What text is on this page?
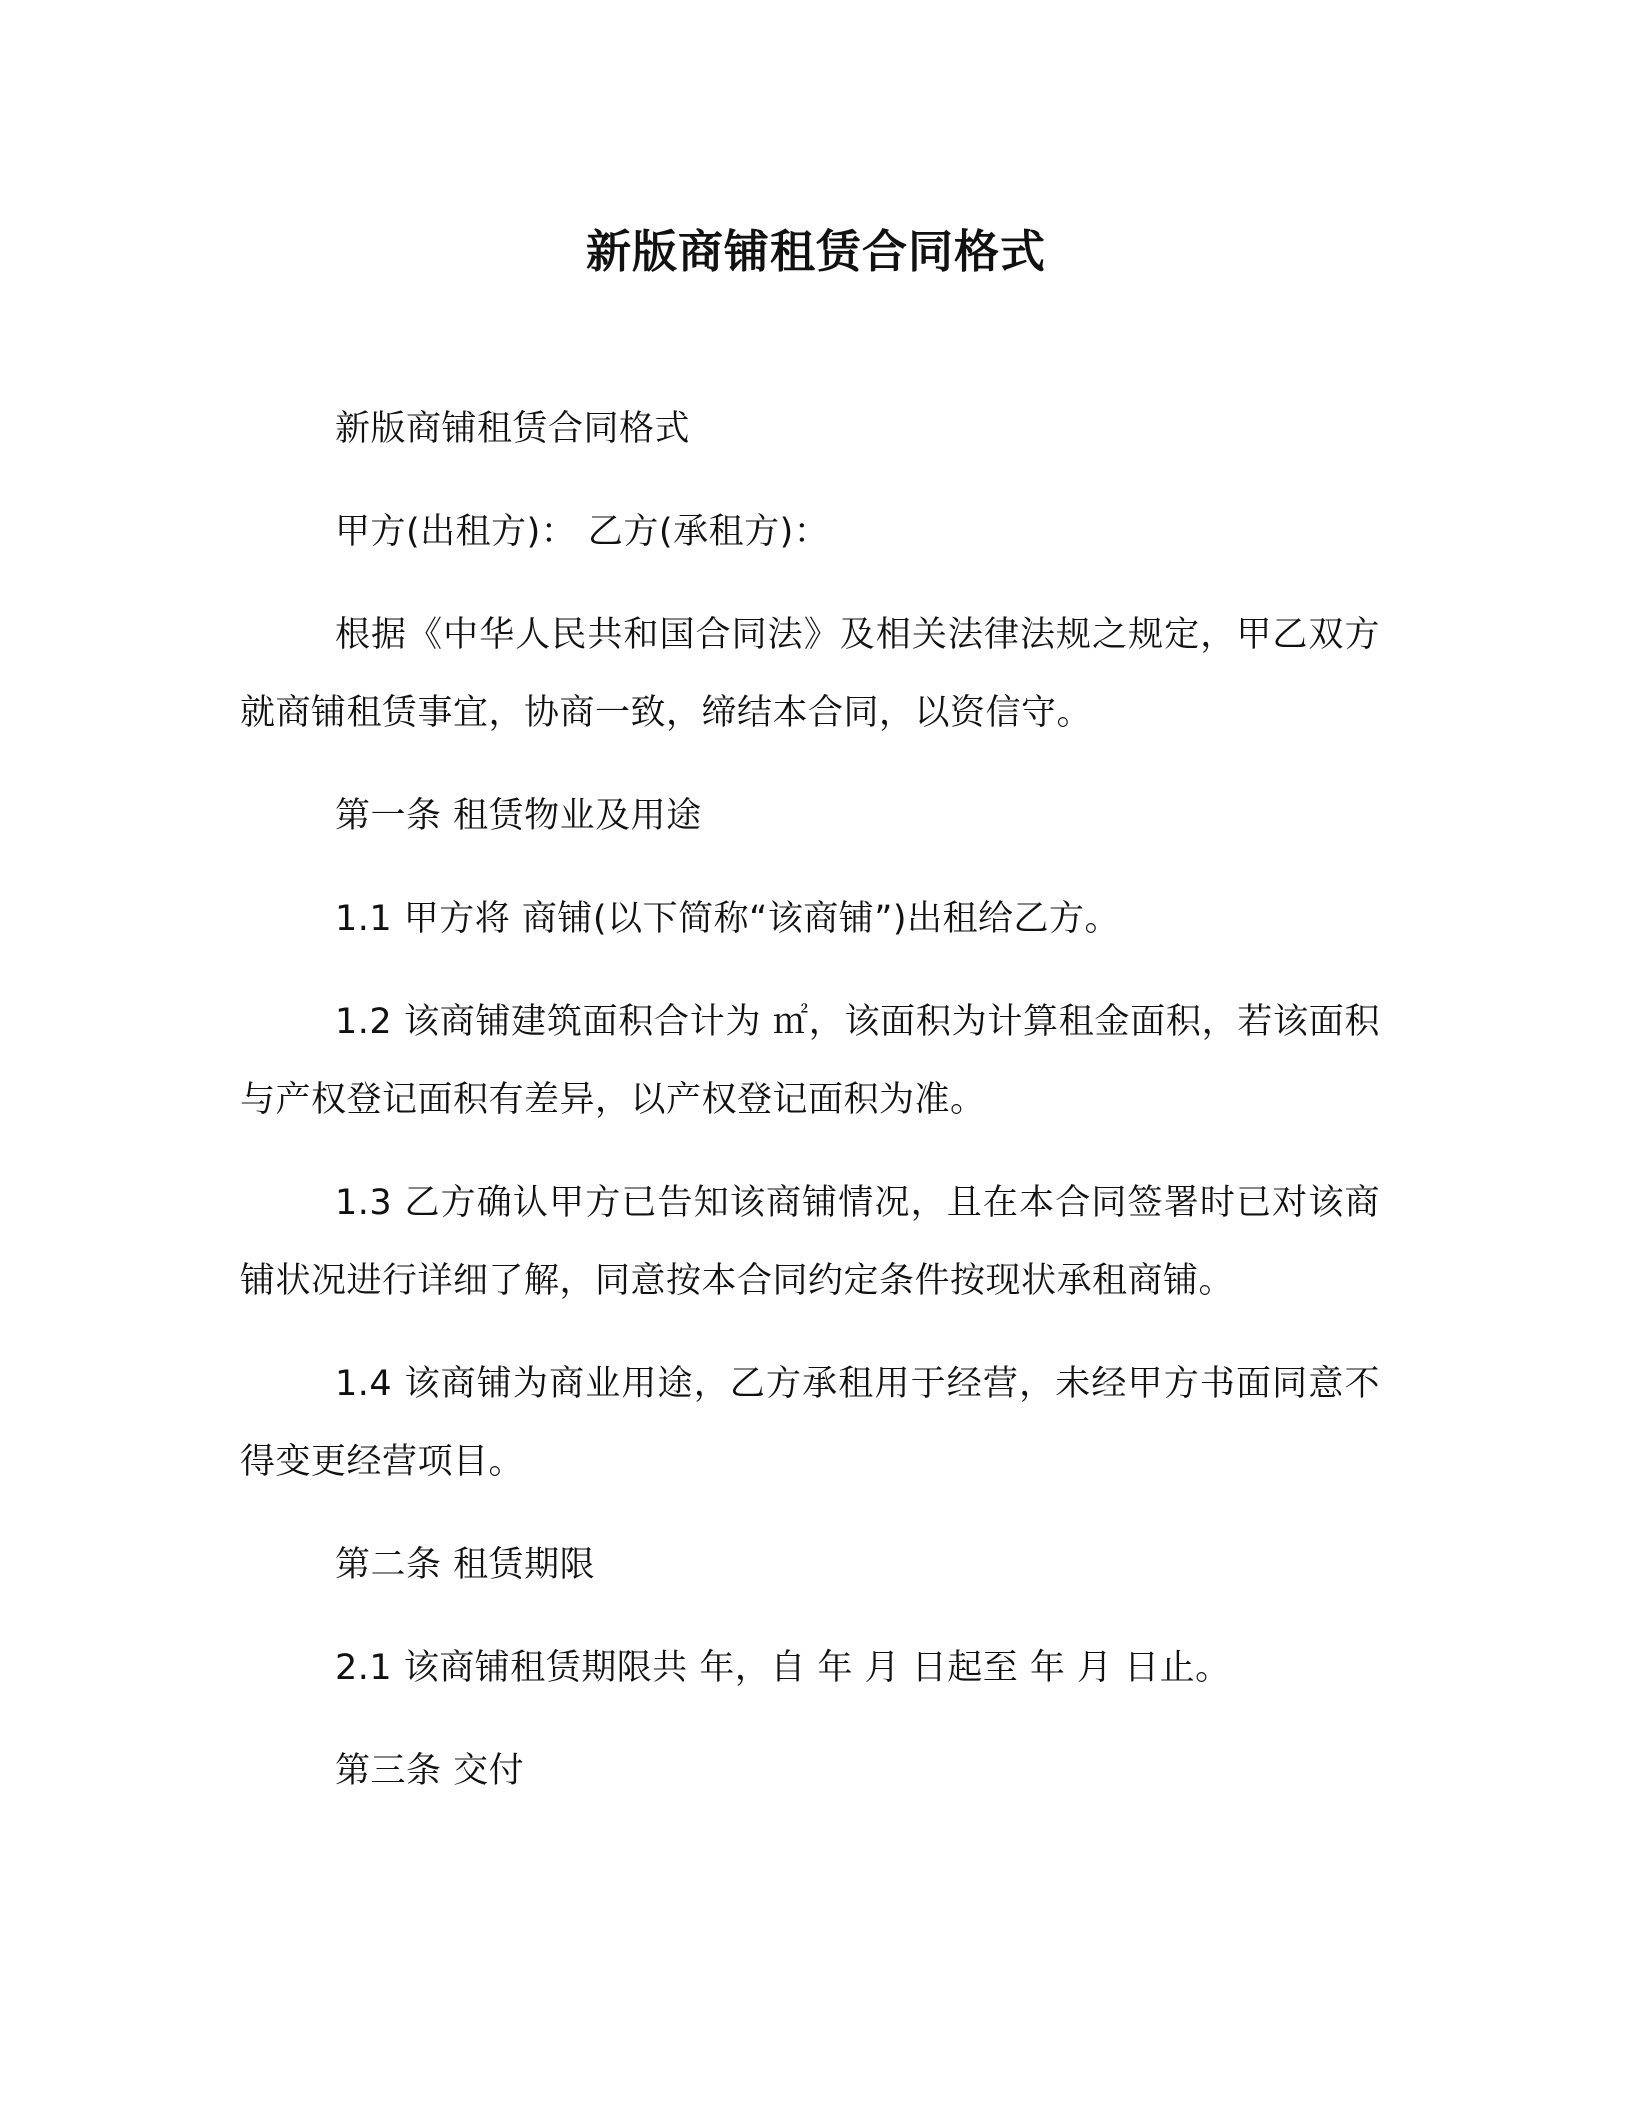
新版商铺租赁合同格式

新版商铺租赁合同格式

甲方(出租方)： 乙方(承租方)：

根据《中华人民共和国合同法》及相关法律法规之规定，甲乙双方就商铺租赁事宜，协商一致，缔结本合同，以资信守。

第一条 租赁物业及用途

1.1 甲方将 商铺(以下简称“该商铺”)出租给乙方。

1.2 该商铺建筑面积合计为 ㎡，该面积为计算租金面积，若该面积与产权登记面积有差异，以产权登记面积为准。

1.3 乙方确认甲方已告知该商铺情况，且在本合同签署时已对该商铺状况进行详细了解，同意按本合同约定条件按现状承租商铺。

1.4 该商铺为商业用途，乙方承租用于经营，未经甲方书面同意不得变更经营项目。

第二条 租赁期限

2.1 该商铺租赁期限共 年，自 年 月 日起至 年 月 日止。

第三条 交付
